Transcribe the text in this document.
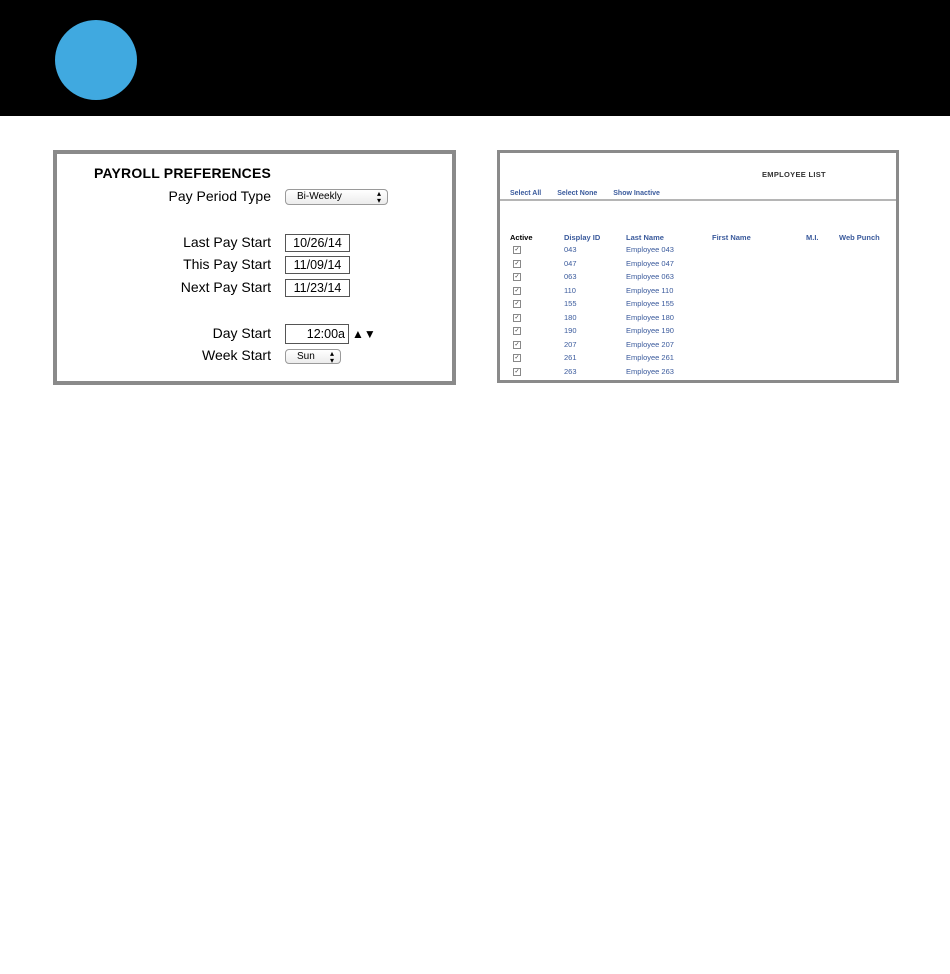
PAYROLL PREFERENCES
Pay Period Type	Bi-Weekly	▴
▾
Last Pay Start	10/26/14
This Pay Start	11/09/14
Next Pay Start	11/23/14
Day Start	12:00a ▲▼
Week Start	Sun ▴
▾
EMPLOYEE LIST
Select All Select None Show Inactive
Active	Display ID	Last Name	First Name	M.I.	Web Punch
✓	043	Employee 043
✓	047	Employee 047
✓	063	Employee 063
✓	110	Employee 110
✓	155	Employee 155
✓	180	Employee 180
✓	190	Employee 190
✓	207	Employee 207
✓	261	Employee 261
✓	263	Employee 263
